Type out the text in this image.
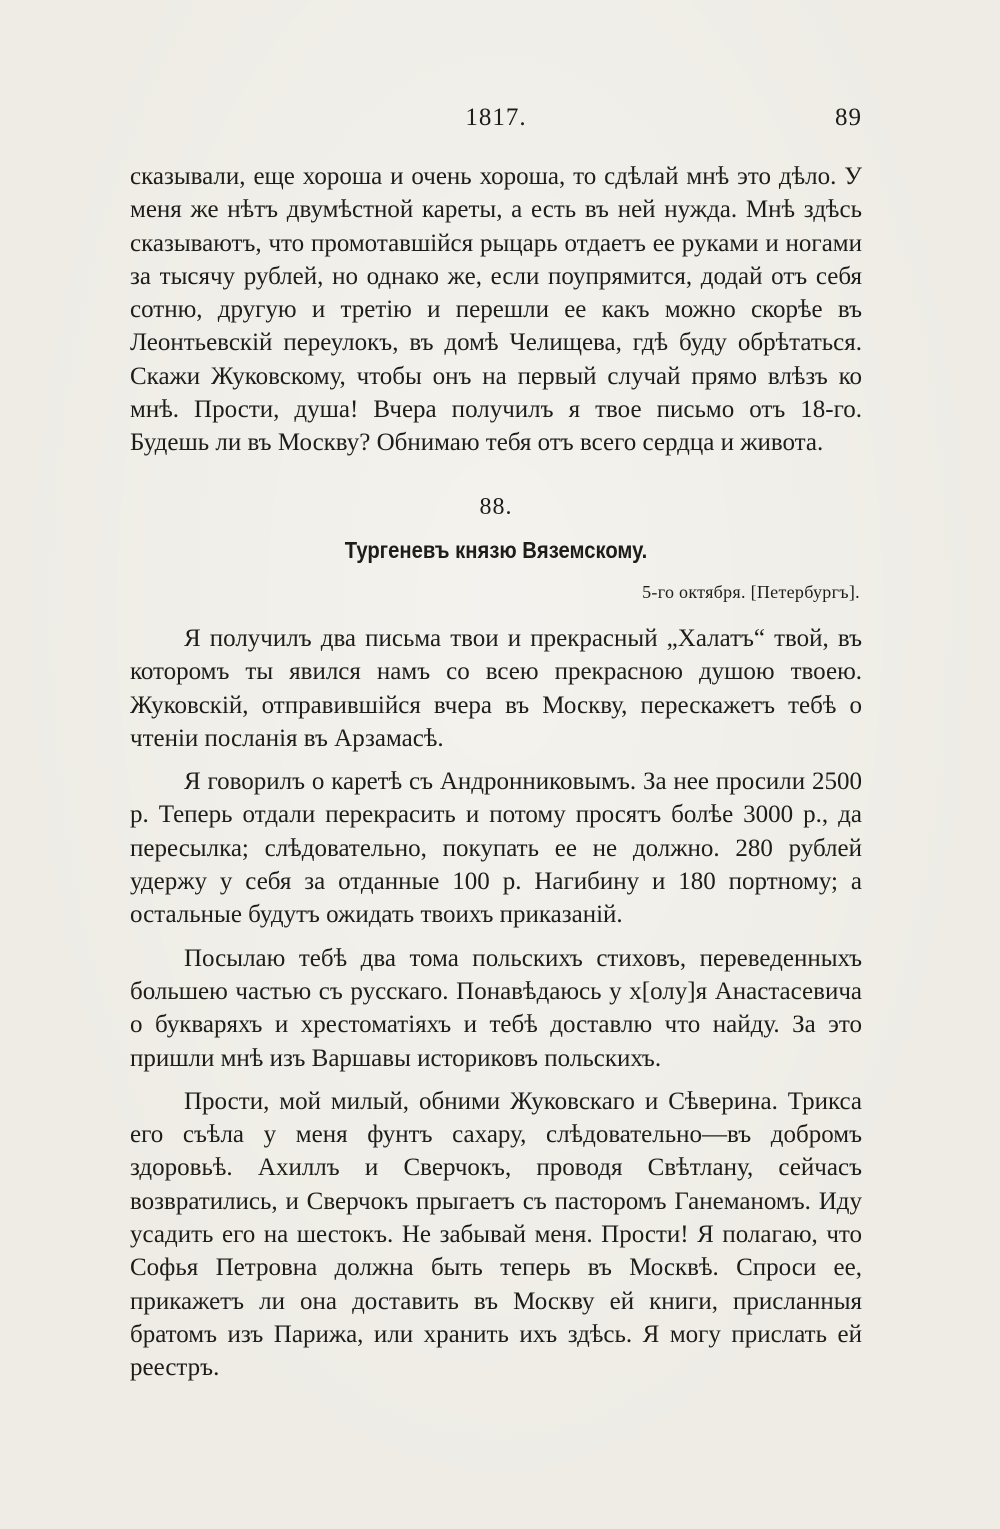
1817.	89

сказывали, еще хороша и очень хороша, то сдѣлай мнѣ это дѣло. У меня же нѣтъ двумѣстной кареты, а есть въ ней нужда. Мнѣ здѣсь сказываютъ, что промотавшійся рыцарь отдаетъ ее руками и ногами за тысячу рублей, но однако же, если поупрямится, додай отъ себя сотню, другую и третію и перешли ее какъ можно скорѣе въ Леонтьевскій переулокъ, въ домѣ Челищева, гдѣ буду обрѣтаться. Скажи Жуковскому, чтобы онъ на первый случай прямо влѣзъ ко мнѣ. Прости, душа! Вчера получилъ я твое письмо отъ 18-го. Будешь ли въ Москву? Обнимаю тебя отъ всего сердца и живота.

88.
Тургеневъ князю Вяземскому.
5-го октября. [Петербургъ].

Я получилъ два письма твои и прекрасный „Халатъ“ твой, въ которомъ ты явился намъ со всею прекрасною душою твоею. Жуковскій, отправившійся вчера въ Москву, перескажетъ тебѣ о чтеніи посланія въ Арзамасѣ.

Я говорилъ о каретѣ съ Андронниковымъ. За нее просили 2500 р. Теперь отдали перекрасить и потому просятъ болѣе 3000 р., да пересылка; слѣдовательно, покупать ее не должно. 280 рублей удержу у себя за отданные 100 р. Нагибину и 180 портному; а остальные будутъ ожидать твоихъ приказаній.

Посылаю тебѣ два тома польскихъ стиховъ, переведенныхъ большею частью съ русскаго. Понавѣдаюсь у х[олу]я Анастасевича о букваряхъ и хрестоматіяхъ и тебѣ доставлю что найду. За это пришли мнѣ изъ Варшавы историковъ польскихъ.

Прости, мой милый, обними Жуковскаго и Сѣверина. Трикса его съѣла у меня фунтъ сахару, слѣдовательно—въ добромъ здоровьѣ. Ахиллъ и Сверчокъ, проводя Свѣтлану, сейчасъ возвратились, и Сверчокъ прыгаетъ съ пасторомъ Ганеманомъ. Иду усадить его на шестокъ. Не забывай меня. Прости! Я полагаю, что Софья Петровна должна быть теперь въ Москвѣ. Спроси ее, прикажетъ ли она доставить въ Москву ей книги, присланныя братомъ изъ Парижа, или хранить ихъ здѣсь. Я могу прислать ей реестръ.
